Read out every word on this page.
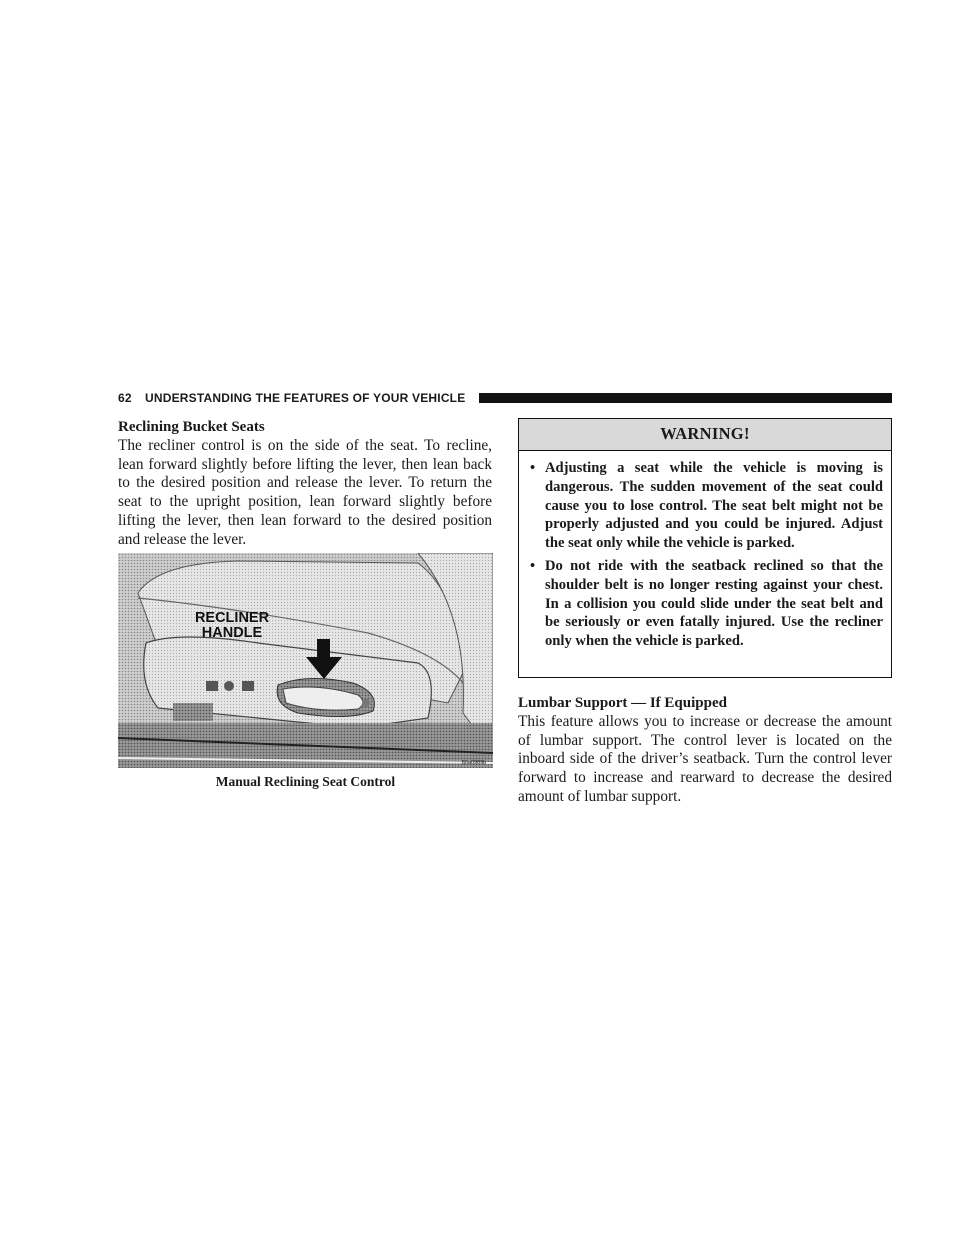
62 UNDERSTANDING THE FEATURES OF YOUR VEHICLE

Reclining Bucket Seats

The recliner control is on the side of the seat. To recline, lean forward slightly before lifting the lever, then lean back to the desired position and release the lever. To return the seat to the upright position, lean forward slightly before lifting the lever, then lean forward to the desired position and release the lever.

RECLINER
HANDLE
80a0989b
Manual Reclining Seat Control
WARNING!
• Adjusting a seat while the vehicle is moving is dangerous. The sudden movement of the seat could cause you to lose control. The seat belt might not be properly adjusted and you could be injured. Adjust the seat only while the vehicle is parked.
• Do not ride with the seatback reclined so that the shoulder belt is no longer resting against your chest. In a collision you could slide under the seat belt and be seriously or even fatally injured. Use the recliner only when the vehicle is parked.

Lumbar Support — If Equipped

This feature allows you to increase or decrease the amount of lumbar support. The control lever is located on the inboard side of the driver’s seatback. Turn the control lever forward to increase and rearward to decrease the desired amount of lumbar support.
